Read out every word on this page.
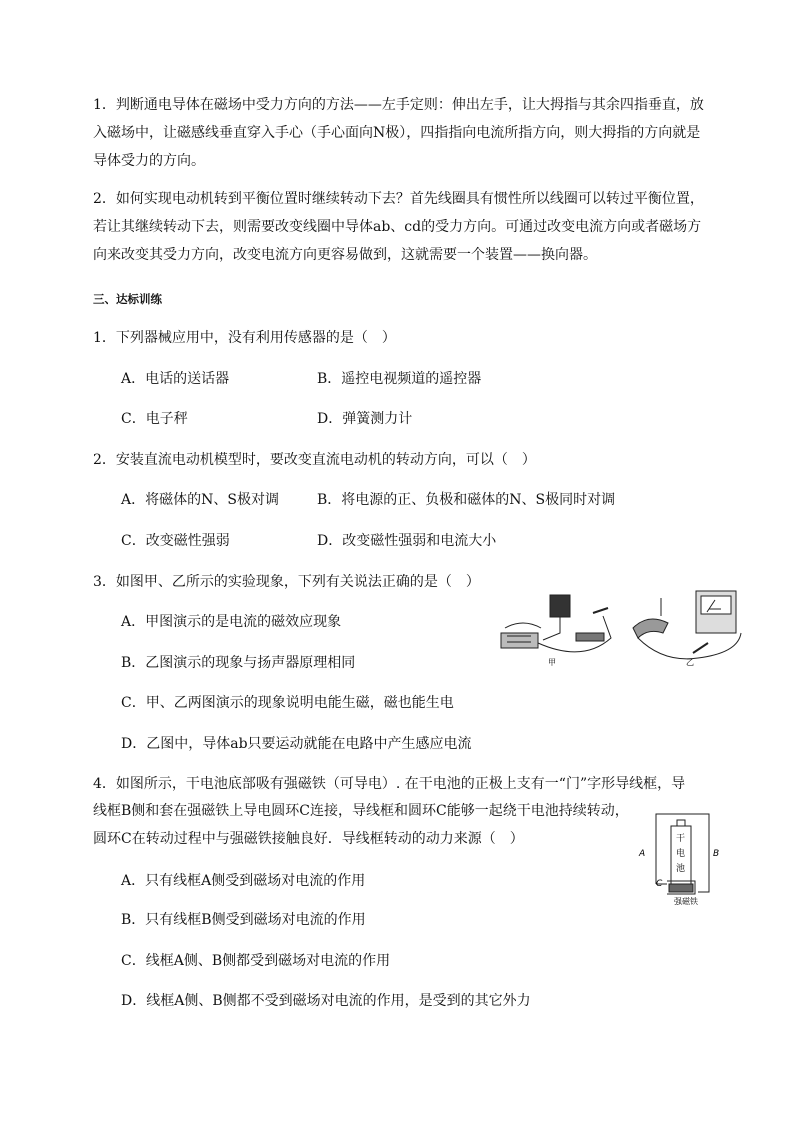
1．判断通电导体在磁场中受力方向的方法——左手定则：伸出左手，让大拇指与其余四指垂直，放入磁场中，让磁感线垂直穿入手心（手心面向N极），四指指向电流所指方向，则大拇指的方向就是导体受力的方向。

2．如何实现电动机转到平衡位置时继续转动下去？首先线圈具有惯性所以线圈可以转过平衡位置，若让其继续转动下去，则需要改变线圈中导体ab、cd的受力方向。可通过改变电流方向或者磁场方向来改变其受力方向，改变电流方向更容易做到，这就需要一个装置——换向器。

三、达标训练
1．下列器械应用中，没有利用传感器的是（　）
A．电话的送话器	B．遥控电视频道的遥控器
C．电子秤	D．弹簧测力计
2．安装直流电动机模型时，要改变直流电动机的转动方向，可以（　）
A．将磁体的N、S极对调	B．将电源的正、负极和磁体的N、S极同时对调
C．改变磁性强弱	D．改变磁性强弱和电流大小
3．如图甲、乙所示的实验现象，下列有关说法正确的是（　）
A．甲图演示的是电流的磁效应现象
B．乙图演示的现象与扬声器原理相同
C．甲、乙两图演示的现象说明电能生磁，磁也能生电
D．乙图中，导体ab只要运动就能在电路中产生感应电流
甲	乙
4．如图所示，干电池底部吸有强磁铁（可导电）. 在干电池的正极上支有一“门”字形导线框，导
线框B侧和套在强磁铁上导电圆环C连接，导线框和圆环C能够一起绕干电池持续转动，
圆环C在转动过程中与强磁铁接触良好．导线框转动的动力来源（　）
A．只有线框A侧受到磁场对电流的作用
B．只有线框B侧受到磁场对电流的作用
C．线框A侧、B侧都受到磁场对电流的作用
D．线框A侧、B侧都不受到磁场对电流的作用，是受到的其它外力
A	B
C
干
电
池
强磁铁
